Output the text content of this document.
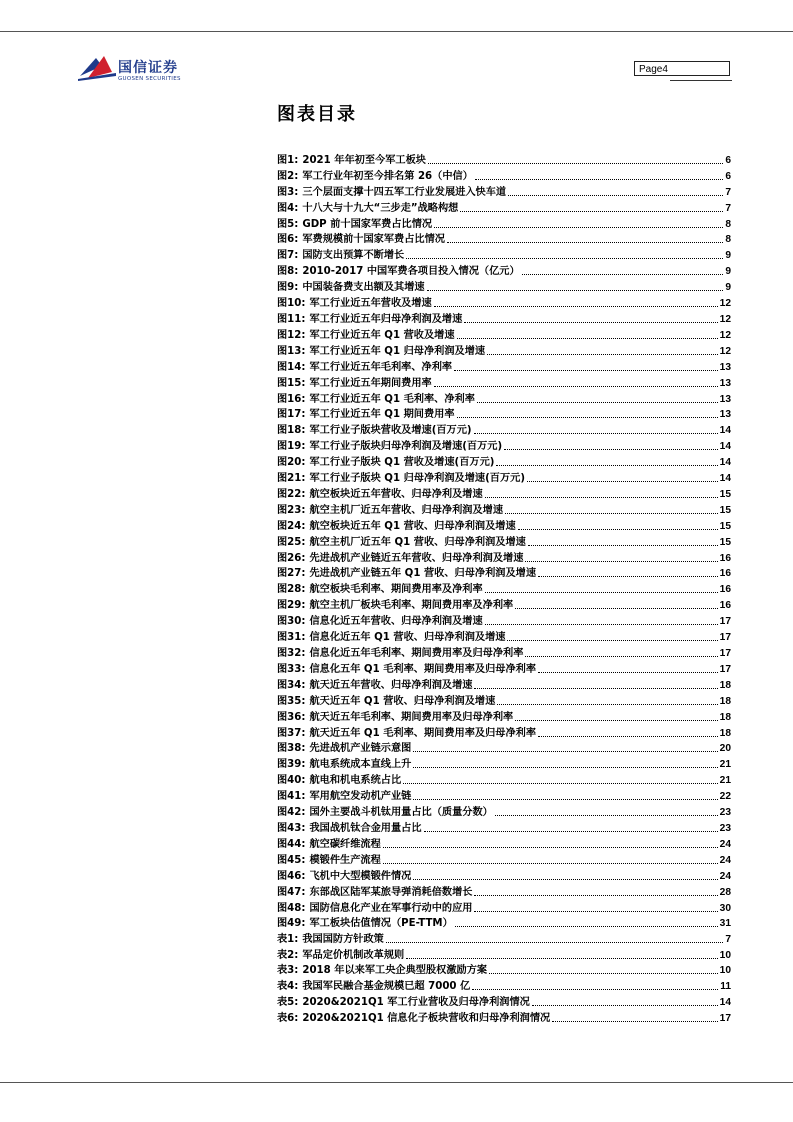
国信证券
GUOSEN SECURITIES
Page4
图表目录
图1: 2021 年年初至今军工板块	6
图2: 军工行业年初至今排名第 26（中信）	6
图3: 三个层面支撑十四五军工行业发展进入快车道	7
图4: 十八大与十九大“三步走”战略构想	7
图5: GDP 前十国家军费占比情况	8
图6: 军费规模前十国家军费占比情况	8
图7: 国防支出预算不断增长	9
图8: 2010-2017 中国军费各项目投入情况（亿元）	9
图9: 中国装备费支出额及其增速	9
图10: 军工行业近五年营收及增速	12
图11: 军工行业近五年归母净利润及增速	12
图12: 军工行业近五年 Q1 营收及增速	12
图13: 军工行业近五年 Q1 归母净利润及增速	12
图14: 军工行业近五年毛利率、净利率	13
图15: 军工行业近五年期间费用率	13
图16: 军工行业近五年 Q1 毛利率、净利率	13
图17: 军工行业近五年 Q1 期间费用率	13
图18: 军工行业子版块营收及增速(百万元)	14
图19: 军工行业子版块归母净利润及增速(百万元)	14
图20: 军工行业子版块 Q1 营收及增速(百万元)	14
图21: 军工行业子版块 Q1 归母净利润及增速(百万元)	14
图22: 航空板块近五年营收、归母净利及增速	15
图23: 航空主机厂近五年营收、归母净利润及增速	15
图24: 航空板块近五年 Q1 营收、归母净利润及增速	15
图25: 航空主机厂近五年 Q1 营收、归母净利润及增速	15
图26: 先进战机产业链近五年营收、归母净利润及增速	16
图27: 先进战机产业链五年 Q1 营收、归母净利润及增速	16
图28: 航空板块毛利率、期间费用率及净利率	16
图29: 航空主机厂板块毛利率、期间费用率及净利率	16
图30: 信息化近五年营收、归母净利润及增速	17
图31: 信息化近五年 Q1 营收、归母净利润及增速	17
图32: 信息化近五年毛利率、期间费用率及归母净利率	17
图33: 信息化五年 Q1 毛利率、期间费用率及归母净利率	17
图34: 航天近五年营收、归母净利润及增速	18
图35: 航天近五年 Q1 营收、归母净利润及增速	18
图36: 航天近五年毛利率、期间费用率及归母净利率	18
图37: 航天近五年 Q1 毛利率、期间费用率及归母净利率	18
图38: 先进战机产业链示意图	20
图39: 航电系统成本直线上升	21
图40: 航电和机电系统占比	21
图41: 军用航空发动机产业链	22
图42: 国外主要战斗机钛用量占比（质量分数）	23
图43: 我国战机钛合金用量占比	23
图44: 航空碳纤维流程	24
图45: 模锻件生产流程	24
图46: 飞机中大型模锻件情况	24
图47: 东部战区陆军某旅导弹消耗倍数增长	28
图48: 国防信息化产业在军事行动中的应用	30
图49: 军工板块估值情况（PE-TTM）	31
表1: 我国国防方针政策	7
表2: 军品定价机制改革规则	10
表3: 2018 年以来军工央企典型股权激励方案	10
表4: 我国军民融合基金规模已超 7000 亿	11
表5: 2020&2021Q1 军工行业营收及归母净利润情况	14
表6: 2020&2021Q1 信息化子板块营收和归母净利润情况	17
